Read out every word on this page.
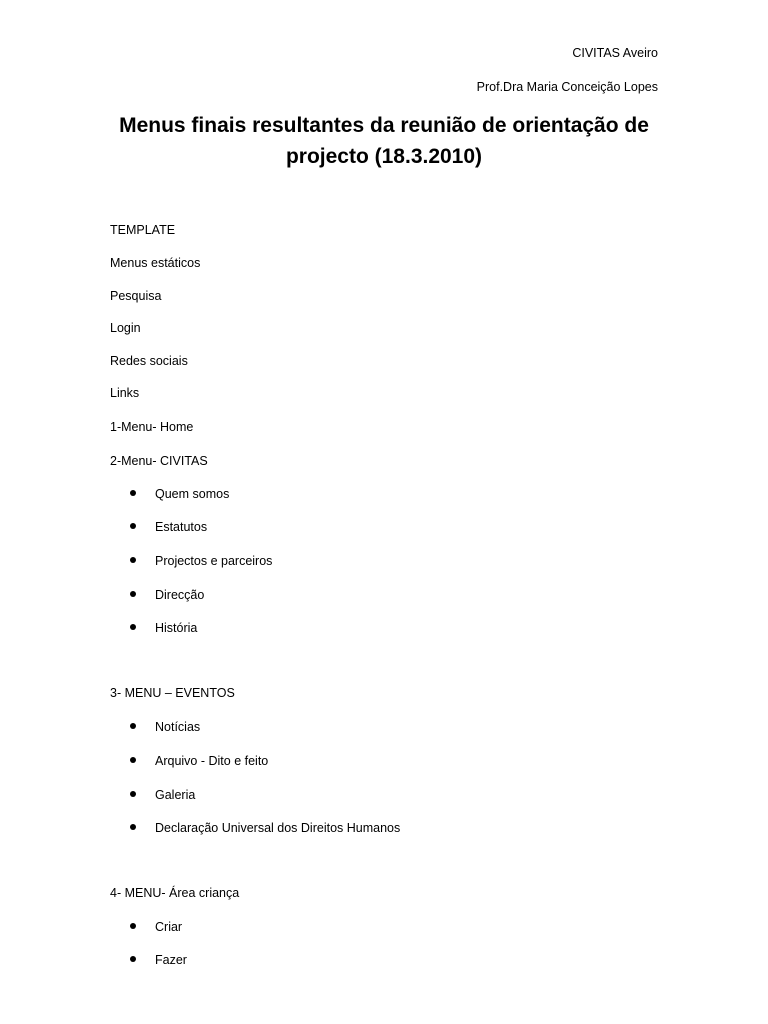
CIVITAS Aveiro
Prof.Dra Maria Conceição Lopes
Menus finais resultantes da reunião de orientação de
projecto (18.3.2010)
TEMPLATE
Menus estáticos
Pesquisa
Login
Redes sociais
Links
1-Menu- Home
2-Menu- CIVITAS
Quem somos
Estatutos
Projectos e parceiros
Direcção
História
3- MENU – EVENTOS
Notícias
Arquivo - Dito e feito
Galeria
Declaração Universal dos Direitos Humanos
4- MENU- Área criança
Criar
Fazer
